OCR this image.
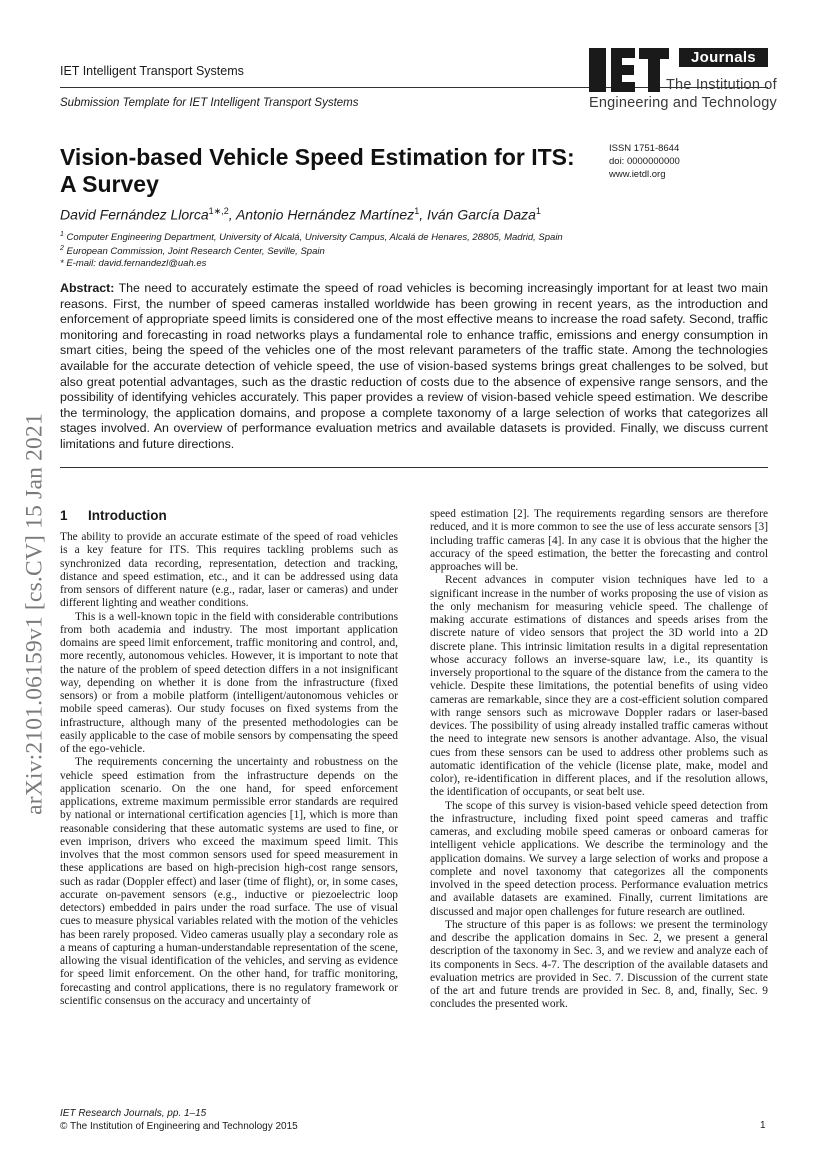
IET Intelligent Transport Systems
Submission Template for IET Intelligent Transport Systems
IET
Journals
The Institution of
Engineering and Technology
Vision-based Vehicle Speed Estimation for ITS: A Survey
ISSN 1751-8644
doi: 0000000000
www.ietdl.org
David Fernández Llorca$^{1∗,2}$, Antonio Hernández Martínez$^1$, Iván García Daza$^1$
$^1$ Computer Engineering Department, University of Alcalá, University Campus, Alcalá de Henares, 28805, Madrid, Spain
$^2$ European Commission, Joint Research Center, Seville, Spain
* E-mail: david.fernandezl@uah.es
Abstract: The need to accurately estimate the speed of road vehicles is becoming increasingly important for at least two main reasons. First, the number of speed cameras installed worldwide has been growing in recent years, as the introduction and enforcement of appropriate speed limits is considered one of the most effective means to increase the road safety. Second, traffic monitoring and forecasting in road networks plays a fundamental role to enhance traffic, emissions and energy consumption in smart cities, being the speed of the vehicles one of the most relevant parameters of the traffic state. Among the technologies available for the accurate detection of vehicle speed, the use of vision-based systems brings great challenges to be solved, but also great potential advantages, such as the drastic reduction of costs due to the absence of expensive range sensors, and the possibility of identifying vehicles accurately. This paper provides a review of vision-based vehicle speed estimation. We describe the terminology, the application domains, and propose a complete taxonomy of a large selection of works that categorizes all stages involved. An overview of performance evaluation metrics and available datasets is provided. Finally, we discuss current limitations and future directions.
arXiv:2101.06159v1 [cs.CV] 15 Jan 2021 1 Introduction

The ability to provide an accurate estimate of the speed of road vehicles is a key feature for ITS. This requires tackling problems such as synchronized data recording, representation, detection and tracking, distance and speed estimation, etc., and it can be addressed using data from sensors of different nature (e.g., radar, laser or cameras) and under different lighting and weather conditions.

This is a well-known topic in the field with considerable contributions from both academia and industry. The most important application domains are speed limit enforcement, traffic monitoring and control, and, more recently, autonomous vehicles. However, it is important to note that the nature of the problem of speed detection differs in a not insignificant way, depending on whether it is done from the infrastructure (fixed sensors) or from a mobile platform (intelligent/autonomous vehicles or mobile speed cameras). Our study focuses on fixed systems from the infrastructure, although many of the presented methodologies can be easily applicable to the case of mobile sensors by compensating the speed of the ego-vehicle.

The requirements concerning the uncertainty and robustness on the vehicle speed estimation from the infrastructure depends on the application scenario. On the one hand, for speed enforcement applications, extreme maximum permissible error standards are required by national or international certification agencies [1], which is more than reasonable considering that these automatic systems are used to fine, or even imprison, drivers who exceed the maximum speed limit. This involves that the most common sensors used for speed measurement in these applications are based on high-precision high-cost range sensors, such as radar (Doppler effect) and laser (time of flight), or, in some cases, accurate on-pavement sensors (e.g., inductive or piezoelectric loop detectors) embedded in pairs under the road surface. The use of visual cues to measure physical variables related with the motion of the vehicles has been rarely proposed. Video cameras usually play a secondary role as a means of capturing a human-understandable representation of the scene, allowing the visual identification of the vehicles, and serving as evidence for speed limit enforcement. On the other hand, for traffic monitoring, forecasting and control applications, there is no regulatory framework or scientific consensus on the accuracy and uncertainty of

speed estimation [2]. The requirements regarding sensors are therefore reduced, and it is more common to see the use of less accurate sensors [3] including traffic cameras [4]. In any case it is obvious that the higher the accuracy of the speed estimation, the better the forecasting and control approaches will be.

Recent advances in computer vision techniques have led to a significant increase in the number of works proposing the use of vision as the only mechanism for measuring vehicle speed. The challenge of making accurate estimations of distances and speeds arises from the discrete nature of video sensors that project the 3D world into a 2D discrete plane. This intrinsic limitation results in a digital representation whose accuracy follows an inverse-square law, i.e., its quantity is inversely proportional to the square of the distance from the camera to the vehicle. Despite these limitations, the potential benefits of using video cameras are remarkable, since they are a cost-efficient solution compared with range sensors such as microwave Doppler radars or laser-based devices. The possibility of using already installed traffic cameras without the need to integrate new sensors is another advantage. Also, the visual cues from these sensors can be used to address other problems such as automatic identification of the vehicle (license plate, make, model and color), re-identification in different places, and if the resolution allows, the identification of occupants, or seat belt use.

The scope of this survey is vision-based vehicle speed detection from the infrastructure, including fixed point speed cameras and traffic cameras, and excluding mobile speed cameras or onboard cameras for intelligent vehicle applications. We describe the terminology and the application domains. We survey a large selection of works and propose a complete and novel taxonomy that categorizes all the components involved in the speed detection process. Performance evaluation metrics and available datasets are examined. Finally, current limitations are discussed and major open challenges for future research are outlined.

The structure of this paper is as follows: we present the terminology and describe the application domains in Sec. 2, we present a general description of the taxonomy in Sec. 3, and we review and analyze each of its components in Secs. 4-7. The description of the available datasets and evaluation metrics are provided in Sec. 7. Discussion of the current state of the art and future trends are provided in Sec. 8, and, finally, Sec. 9 concludes the presented work.

IET Research Journals, pp. 1–15
© The Institution of Engineering and Technology 2015	1
